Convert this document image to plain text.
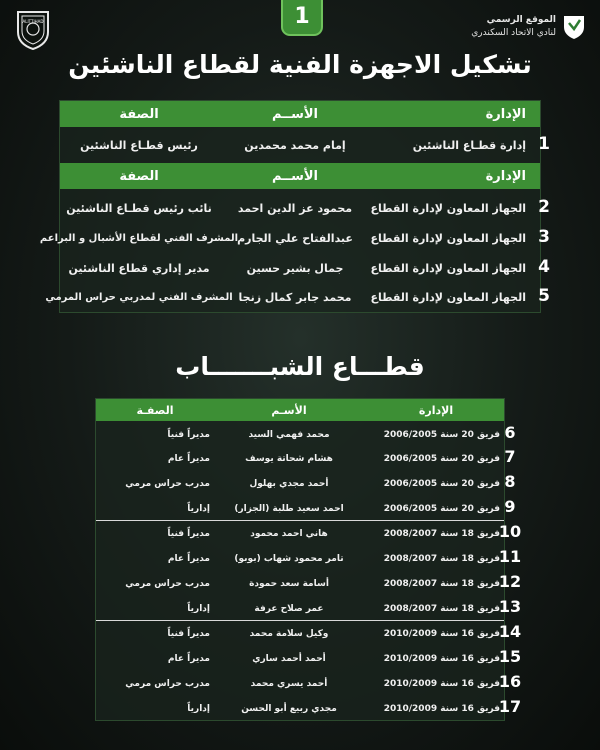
1
ALITTIHAD	الموقع الرسمي
لنادي الاتحاد السكندري
تشكيل الاجهزة الفنية لقطاع الناشئين
الإدارة
الأســم
الصفة
إدارة قطـاع الناشئين
إمام محمد محمدين
رئيس قطـاع الناشئين
الإدارة
الأســم
الصفة
الجهاز المعاون لإدارة القطاع
محمود عز الدين احمد
نائب رئيس قطـاع الناشئين
الجهاز المعاون لإدارة القطاع
عبدالفتاح علي الجارم
المشرف الفني لقطاع الأشبال و البراعم
الجهاز المعاون لإدارة القطاع
جمال بشير حسين
مدير إداري قطاع الناشئين
الجهاز المعاون لإدارة القطاع
محمد جابر كمال زنجا
المشرف الفني لمدربي حراس المرمي
1
2
3
4
5
قطـــاع الشبـــــــاب
الإدارة
الأسـم
الصفـة
فريق 20 سنة 2006/2005
محمد فهمي السيد
مديراً فنياً
فريق 20 سنة 2006/2005
هشام شحاتة يوسف
مديراً عام
فريق 20 سنة 2006/2005
أحمد مجدي بهلول
مدرب حراس مرمي
فريق 20 سنة 2006/2005
احمد سعيد طلبة (الجزار)
إدارياً
فريق 18 سنة 2008/2007
هاني احمد محمود
مديراً فنياً
فريق 18 سنة 2008/2007
تامر محمود شهاب (بوبو)
مديراً عام
فريق 18 سنة 2008/2007
أسامة سعد حمودة
مدرب حراس مرمي
فريق 18 سنة 2008/2007
عمر صلاح عرفة
إدارياً
فريق 16 سنة 2010/2009
وكيل سلامة محمد
مديراً فنياً
فريق 16 سنة 2010/2009
أحمد أحمد ساري
مديراً عام
فريق 16 سنة 2010/2009
أحمد يسري محمد
مدرب حراس مرمي
فريق 16 سنة 2010/2009
مجدي ربيع أبو الحسن
إدارياً
6
7
8
9
10
11
12
13
14
15
16
17
